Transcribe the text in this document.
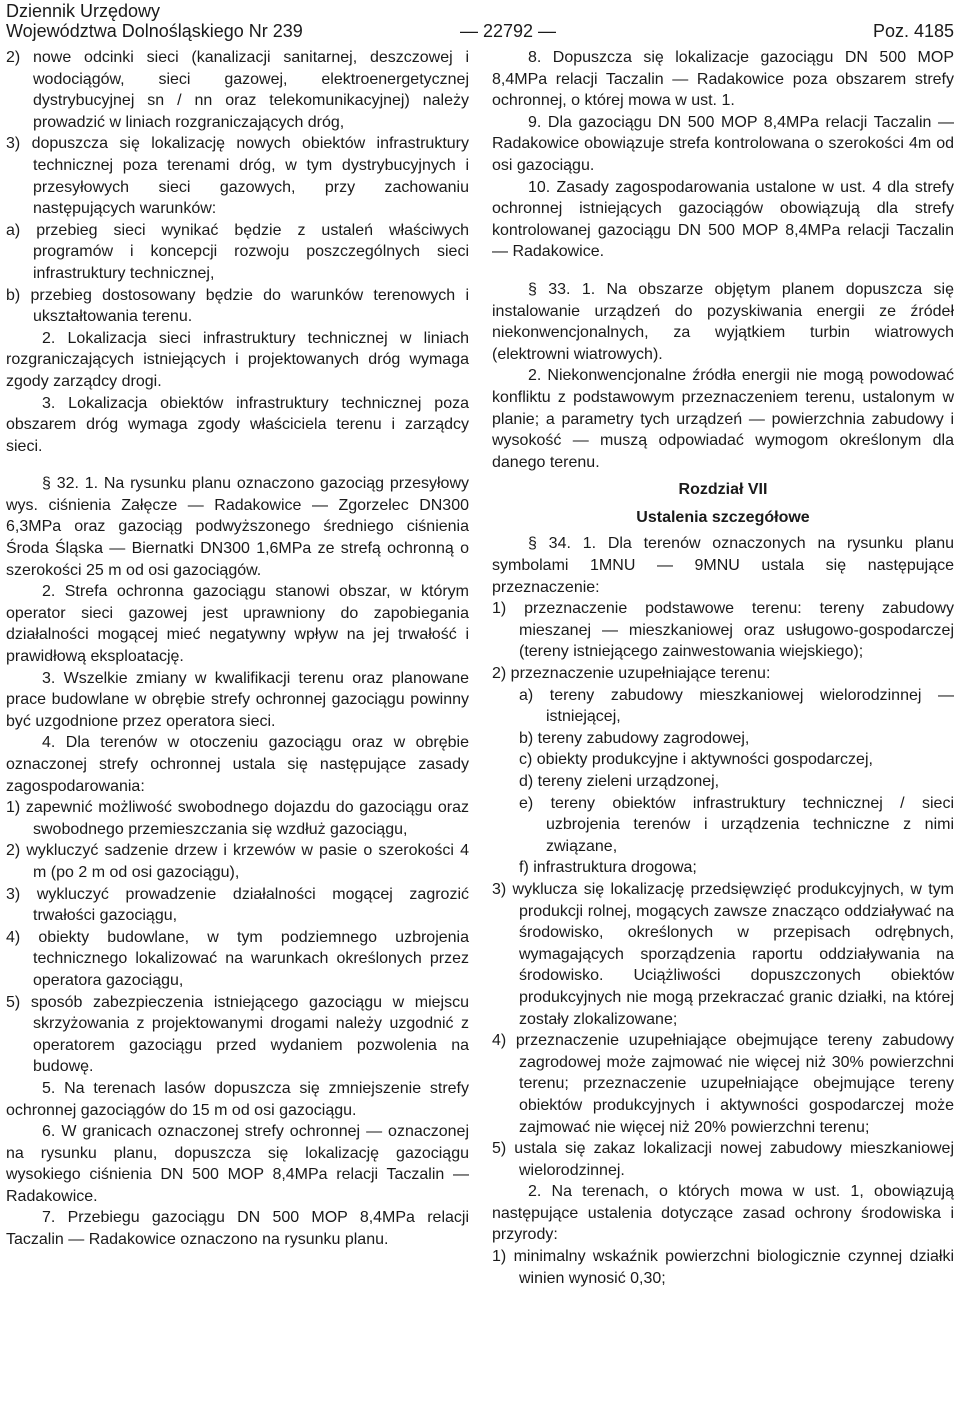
Dziennik Urzędowy
Województwa Dolnośląskiego Nr 239	— 22792 —	Poz. 4185

2) nowe odcinki sieci (kanalizacji sanitarnej, deszczowej i wodociągów, sieci gazowej, elektroenergetycznej dystrybucyjnej sn / nn oraz telekomunikacyjnej) należy prowadzić w liniach rozgraniczających dróg,

3) dopuszcza się lokalizację nowych obiektów infrastruktury technicznej poza terenami dróg, w tym dystrybucyjnych i przesyłowych sieci gazowych, przy zachowaniu następujących warunków:

a) przebieg sieci wynikać będzie z ustaleń właściwych programów i koncepcji rozwoju poszczególnych sieci infrastruktury technicznej,

b) przebieg dostosowany będzie do warunków terenowych i ukształtowania terenu.

2. Lokalizacja sieci infrastruktury technicznej w liniach rozgraniczających istniejących i projektowanych dróg wymaga zgody zarządcy drogi.

3. Lokalizacja obiektów infrastruktury technicznej poza obszarem dróg wymaga zgody właściciela terenu i zarządcy sieci.

§ 32. 1. Na rysunku planu oznaczono gazociąg przesyłowy wys. ciśnienia Załęcze — Radakowice — Zgorzelec DN300 6,3MPa oraz gazociąg podwyższonego średniego ciśnienia Środa Śląska — Biernatki DN300 1,6MPa ze strefą ochronną o szerokości 25 m od osi gazociągów.

2. Strefa ochronna gazociągu stanowi obszar, w którym operator sieci gazowej jest uprawniony do zapobiegania działalności mogącej mieć negatywny wpływ na jej trwałość i prawidłową eksploatację.

3. Wszelkie zmiany w kwalifikacji terenu oraz planowane prace budowlane w obrębie strefy ochronnej gazociągu powinny być uzgodnione przez operatora sieci.

4. Dla terenów w otoczeniu gazociągu oraz w obrębie oznaczonej strefy ochronnej ustala się następujące zasady zagospodarowania:

1) zapewnić możliwość swobodnego dojazdu do gazociągu oraz swobodnego przemieszczania się wzdłuż gazociągu,

2) wykluczyć sadzenie drzew i krzewów w pasie o szerokości 4 m (po 2 m od osi gazociągu),

3) wykluczyć prowadzenie działalności mogącej zagrozić trwałości gazociągu,

4) obiekty budowlane, w tym podziemnego uzbrojenia technicznego lokalizować na warunkach określonych przez operatora gazociągu,

5) sposób zabezpieczenia istniejącego gazociągu w miejscu skrzyżowania z projektowanymi drogami należy uzgodnić z operatorem gazociągu przed wydaniem pozwolenia na budowę.

5. Na terenach lasów dopuszcza się zmniejszenie strefy ochronnej gazociągów do 15 m od osi gazociągu.

6. W granicach oznaczonej strefy ochronnej — oznaczonej na rysunku planu, dopuszcza się lokalizację gazociągu wysokiego ciśnienia DN 500 MOP 8,4MPa relacji Taczalin — Radakowice.

7. Przebiegu gazociągu DN 500 MOP 8,4MPa relacji Taczalin — Radakowice oznaczono na rysunku planu.

8. Dopuszcza się lokalizacje gazociągu DN 500 MOP 8,4MPa relacji Taczalin — Radakowice poza obszarem strefy ochronnej, o której mowa w ust. 1.

9. Dla gazociągu DN 500 MOP 8,4MPa relacji Taczalin — Radakowice obowiązuje strefa kontrolowana o szerokości 4m od osi gazociągu.

10. Zasady zagospodarowania ustalone w ust. 4 dla strefy ochronnej istniejących gazociągów obowiązują dla strefy kontrolowanej gazociągu DN 500 MOP 8,4MPa relacji Taczalin — Radakowice.

§ 33. 1. Na obszarze objętym planem dopuszcza się instalowanie urządzeń do pozyskiwania energii ze źródeł niekonwencjonalnych, za wyjątkiem turbin wiatrowych (elektrowni wiatrowych).

2. Niekonwencjonalne źródła energii nie mogą powodować konfliktu z podstawowym przeznaczeniem terenu, ustalonym w planie; a parametry tych urządzeń — powierzchnia zabudowy i wysokość — muszą odpowiadać wymogom określonym dla danego terenu.

Rozdział VII

Ustalenia szczegółowe

§ 34. 1. Dla terenów oznaczonych na rysunku planu symbolami 1MNU — 9MNU ustala się następujące przeznaczenie:

1) przeznaczenie podstawowe terenu: tereny zabudowy mieszanej — mieszkaniowej oraz usługowo-gospodarczej (tereny istniejącego zainwestowania wiejskiego);

2) przeznaczenie uzupełniające terenu:

a) tereny zabudowy mieszkaniowej wielorodzinnej — istniejącej,

b) tereny zabudowy zagrodowej,

c) obiekty produkcyjne i aktywności gospodarczej,

d) tereny zieleni urządzonej,

e) tereny obiektów infrastruktury technicznej / sieci uzbrojenia terenów i urządzenia techniczne z nimi związane,

f) infrastruktura drogowa;

3) wyklucza się lokalizację przedsięwzięć produkcyjnych, w tym produkcji rolnej, mogących zawsze znacząco oddziaływać na środowisko, określonych w przepisach odrębnych, wymagających sporządzenia raportu oddziaływania na środowisko. Uciążliwości dopuszczonych obiektów produkcyjnych nie mogą przekraczać granic działki, na której zostały zlokalizowane;

4) przeznaczenie uzupełniające obejmujące tereny zabudowy zagrodowej może zajmować nie więcej niż 30% powierzchni terenu; przeznaczenie uzupełniające obejmujące tereny obiektów produkcyjnych i aktywności gospodarczej może zajmować nie więcej niż 20% powierzchni terenu;

5) ustala się zakaz lokalizacji nowej zabudowy mieszkaniowej wielorodzinnej.

2. Na terenach, o których mowa w ust. 1, obowiązują następujące ustalenia dotyczące zasad ochrony środowiska i przyrody:

1) minimalny wskaźnik powierzchni biologicznie czynnej działki winien wynosić 0,30;
